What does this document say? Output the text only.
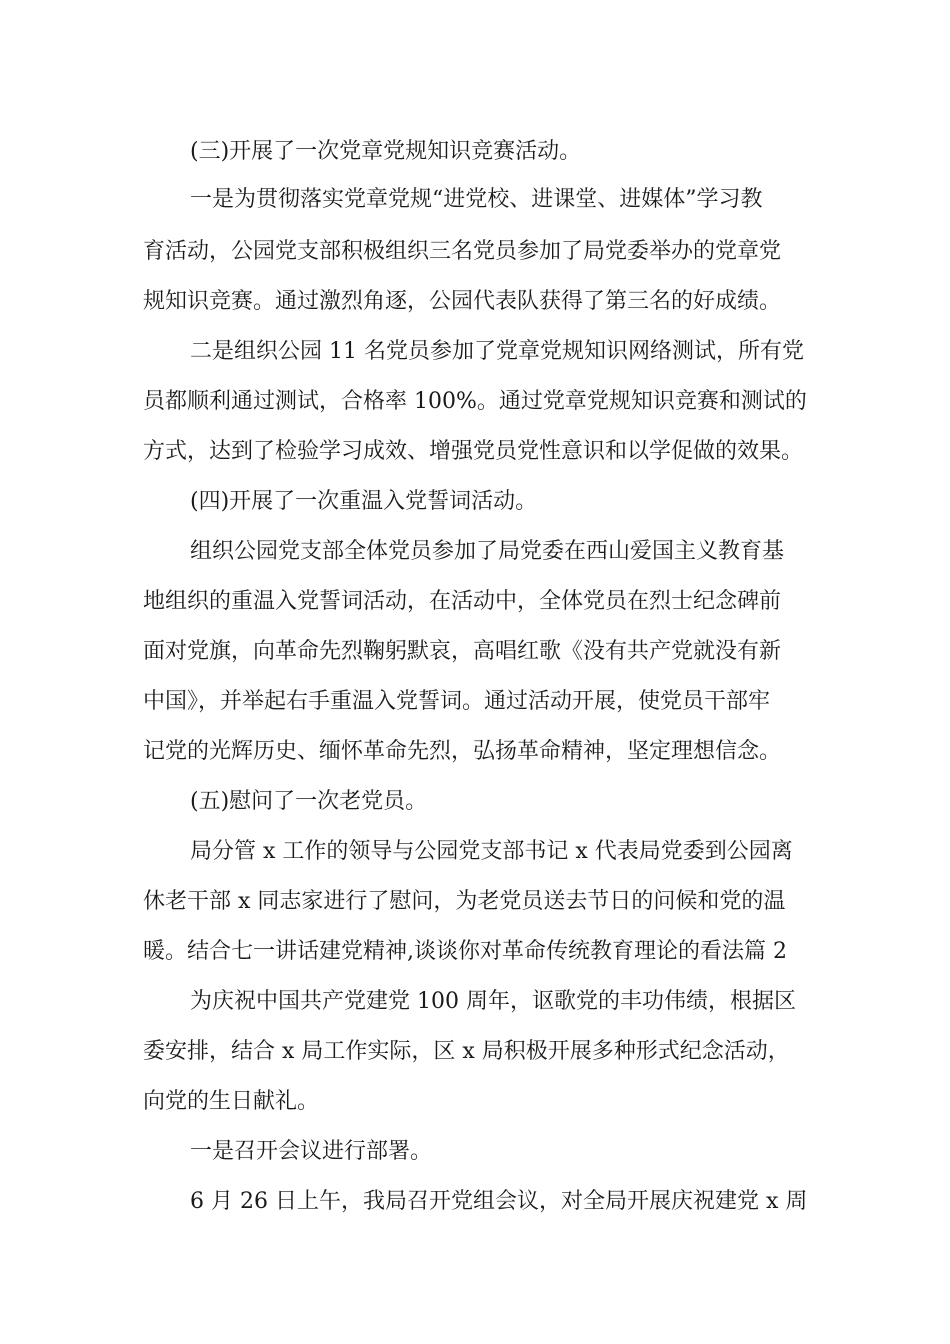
(三)开展了一次党章党规知识竞赛活动。
一是为贯彻落实党章党规“进党校、进课堂、进媒体”学习教
育活动，公园党支部积极组织三名党员参加了局党委举办的党章党
规知识竞赛。通过激烈角逐，公园代表队获得了第三名的好成绩。
二是组织公园 11 名党员参加了党章党规知识网络测试，所有党
员都顺利通过测试，合格率 100%。通过党章党规知识竞赛和测试的
方式，达到了检验学习成效、增强党员党性意识和以学促做的效果。
(四)开展了一次重温入党誓词活动。
组织公园党支部全体党员参加了局党委在西山爱国主义教育基
地组织的重温入党誓词活动，在活动中，全体党员在烈士纪念碑前
面对党旗，向革命先烈鞠躬默哀，高唱红歌《没有共产党就没有新
中国》，并举起右手重温入党誓词。通过活动开展，使党员干部牢
记党的光辉历史、缅怀革命先烈，弘扬革命精神，坚定理想信念。
(五)慰问了一次老党员。
局分管 x 工作的领导与公园党支部书记 x 代表局党委到公园离
休老干部 x 同志家进行了慰问，为老党员送去节日的问候和党的温
暖。结合七一讲话建党精神,谈谈你对革命传统教育理论的看法篇 2
为庆祝中国共产党建党 100 周年，讴歌党的丰功伟绩，根据区
委安排，结合 x 局工作实际，区 x 局积极开展多种形式纪念活动，
向党的生日献礼。
一是召开会议进行部署。
6 月 26 日上午，我局召开党组会议，对全局开展庆祝建党 x 周
